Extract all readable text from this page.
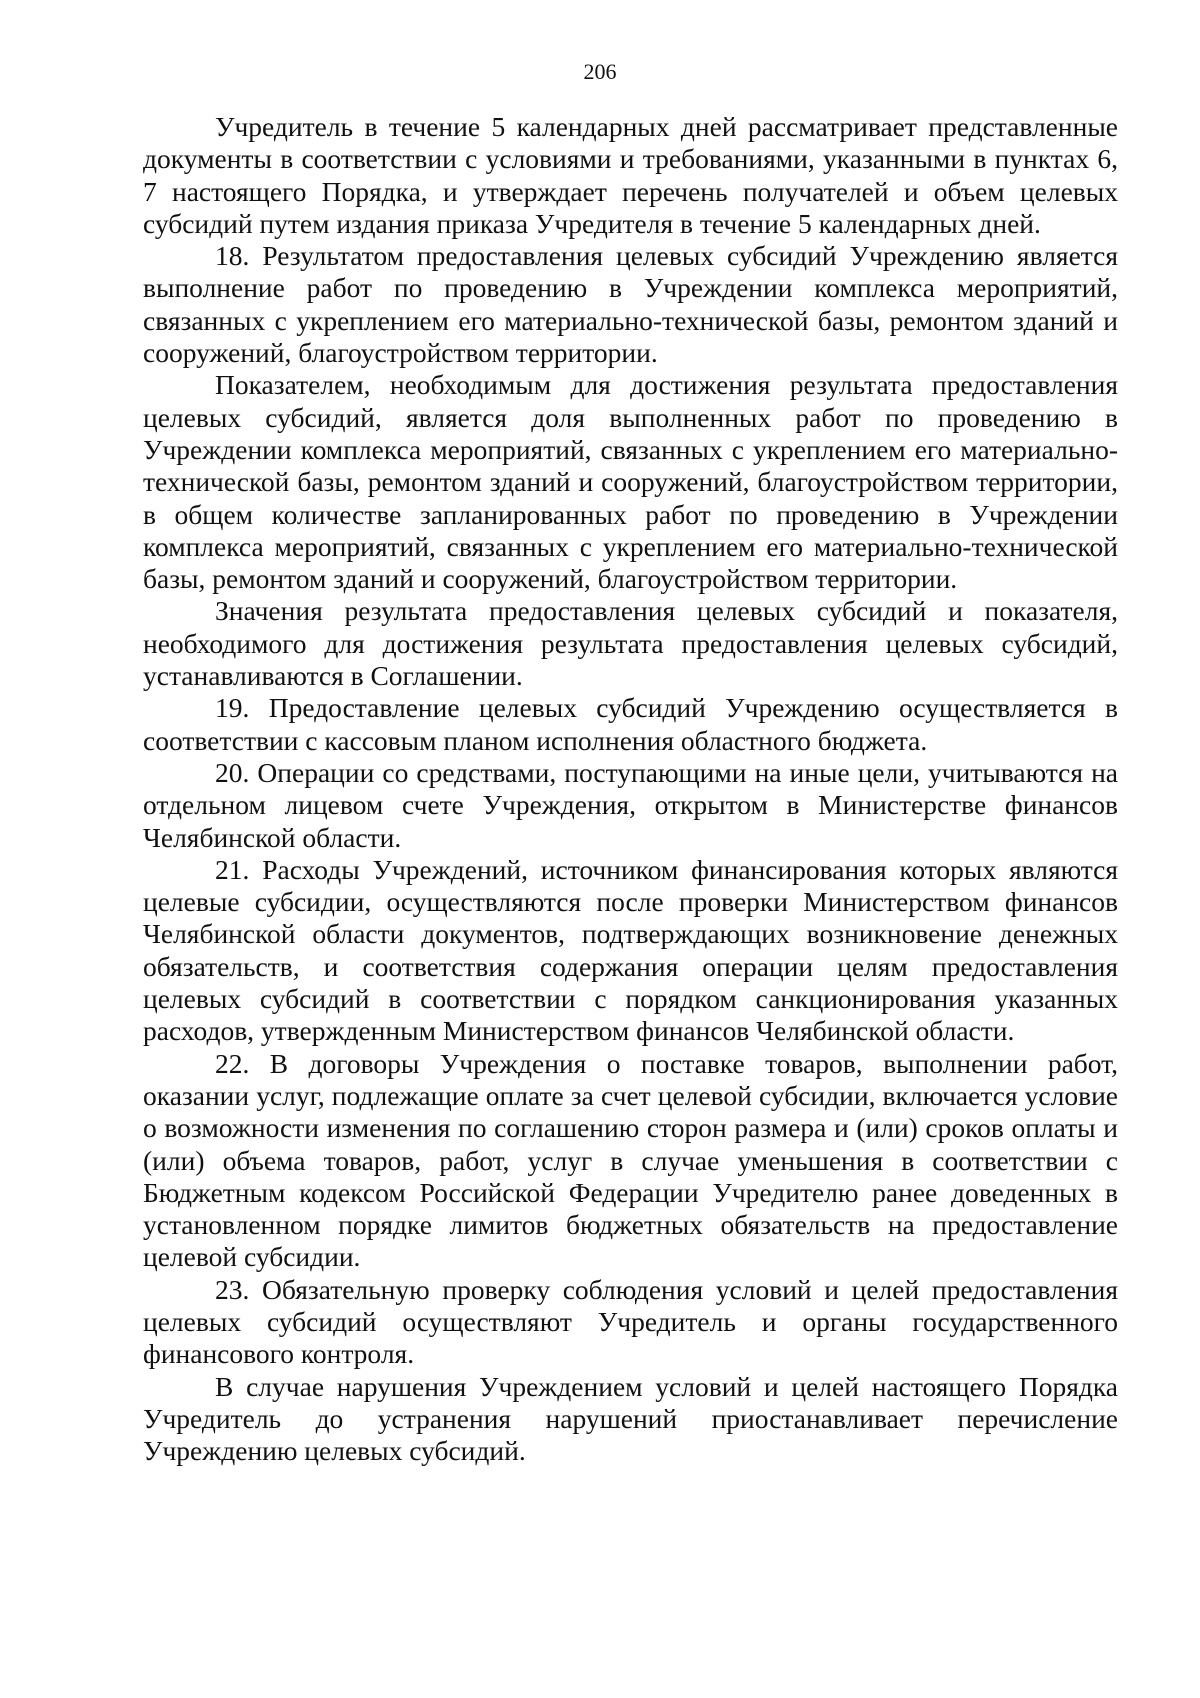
206

Учредитель в течение 5 календарных дней рассматривает представленные документы в соответствии с условиями и требованиями, указанными в пунктах 6, 7 настоящего Порядка, и утверждает перечень получателей и объем целевых субсидий путем издания приказа Учредителя в течение 5 календарных дней.

18. Результатом предоставления целевых субсидий Учреждению является выполнение работ по проведению в Учреждении комплекса мероприятий, связанных с укреплением его материально-технической базы, ремонтом зданий и сооружений, благоустройством территории.

Показателем, необходимым для достижения результата предоставления целевых субсидий, является доля выполненных работ по проведению в Учреждении комплекса мероприятий, связанных с укреплением его материально-технической базы, ремонтом зданий и сооружений, благоустройством территории, в общем количестве запланированных работ по проведению в Учреждении комплекса мероприятий, связанных с укреплением его материально-технической базы, ремонтом зданий и сооружений, благоустройством территории.

Значения результата предоставления целевых субсидий и показателя, необходимого для достижения результата предоставления целевых субсидий, устанавливаются в Соглашении.

19. Предоставление целевых субсидий Учреждению осуществляется в соответствии с кассовым планом исполнения областного бюджета.

20. Операции со средствами, поступающими на иные цели, учитываются на отдельном лицевом счете Учреждения, открытом в Министерстве финансов Челябинской области.

21. Расходы Учреждений, источником финансирования которых являются целевые субсидии, осуществляются после проверки Министерством финансов Челябинской области документов, подтверждающих возникновение денежных обязательств, и соответствия содержания операции целям предоставления целевых субсидий в соответствии с порядком санкционирования указанных расходов, утвержденным Министерством финансов Челябинской области.

22. В договоры Учреждения о поставке товаров, выполнении работ, оказании услуг, подлежащие оплате за счет целевой субсидии, включается условие о возможности изменения по соглашению сторон размера и (или) сроков оплаты и (или) объема товаров, работ, услуг в случае уменьшения в соответствии с Бюджетным кодексом Российской Федерации Учредителю ранее доведенных в установленном порядке лимитов бюджетных обязательств на предоставление целевой субсидии.

23. Обязательную проверку соблюдения условий и целей предоставления целевых субсидий осуществляют Учредитель и органы государственного финансового контроля.

В случае нарушения Учреждением условий и целей настоящего Порядка Учредитель до устранения нарушений приостанавливает перечисление Учреждению целевых субсидий.
